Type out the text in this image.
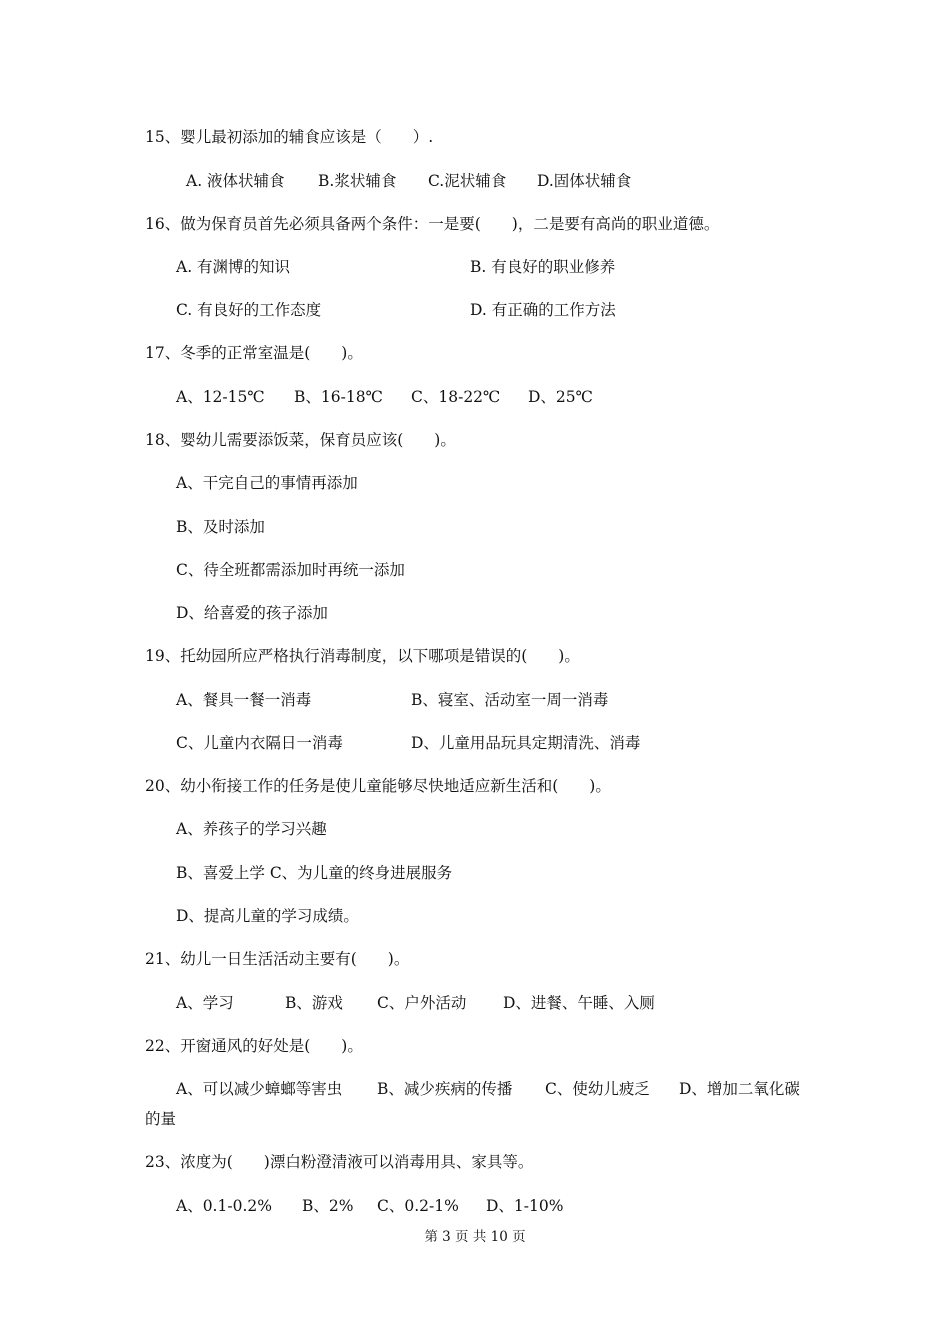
15、婴儿最初添加的辅食应该是（　　）.
A. 液体状辅食 B.浆状辅食 C.泥状辅食 D.固体状辅食
16、做为保育员首先必须具备两个条件：一是要(　　)，二是要有高尚的职业道德。
A. 有渊博的知识	B. 有良好的职业修养
C. 有良好的工作态度	D. 有正确的工作方法
17、冬季的正常室温是(　　)。
A、12-15℃ B、16-18℃ C、18-22℃ D、25℃
18、婴幼儿需要添饭菜，保育员应该(　　)。
A、干完自己的事情再添加
B、及时添加
C、待全班都需添加时再统一添加
D、给喜爱的孩子添加
19、托幼园所应严格执行消毒制度，以下哪项是错误的(　　)。
A、餐具一餐一消毒	B、寝室、活动室一周一消毒
C、儿童内衣隔日一消毒	D、儿童用品玩具定期清洗、消毒
20、幼小衔接工作的任务是使儿童能够尽快地适应新生活和(　　)。
A、养孩子的学习兴趣
B、喜爱上学 C、为儿童的终身进展服务
D、提高儿童的学习成绩。
21、幼儿一日生活活动主要有(　　)。
A、学习	B、游戏 C、户外活动 D、进餐、午睡、入厕
22、开窗通风的好处是(　　)。
A、可以减少蟑螂等害虫 B、减少疾病的传播 C、使幼儿疲乏 D、增加二氧化碳
的量
23、浓度为(　　)漂白粉澄清液可以消毒用具、家具等。
A、0.1-0.2% B、2% C、0.2-1% D、1-10%
第 3 页 共 10 页
